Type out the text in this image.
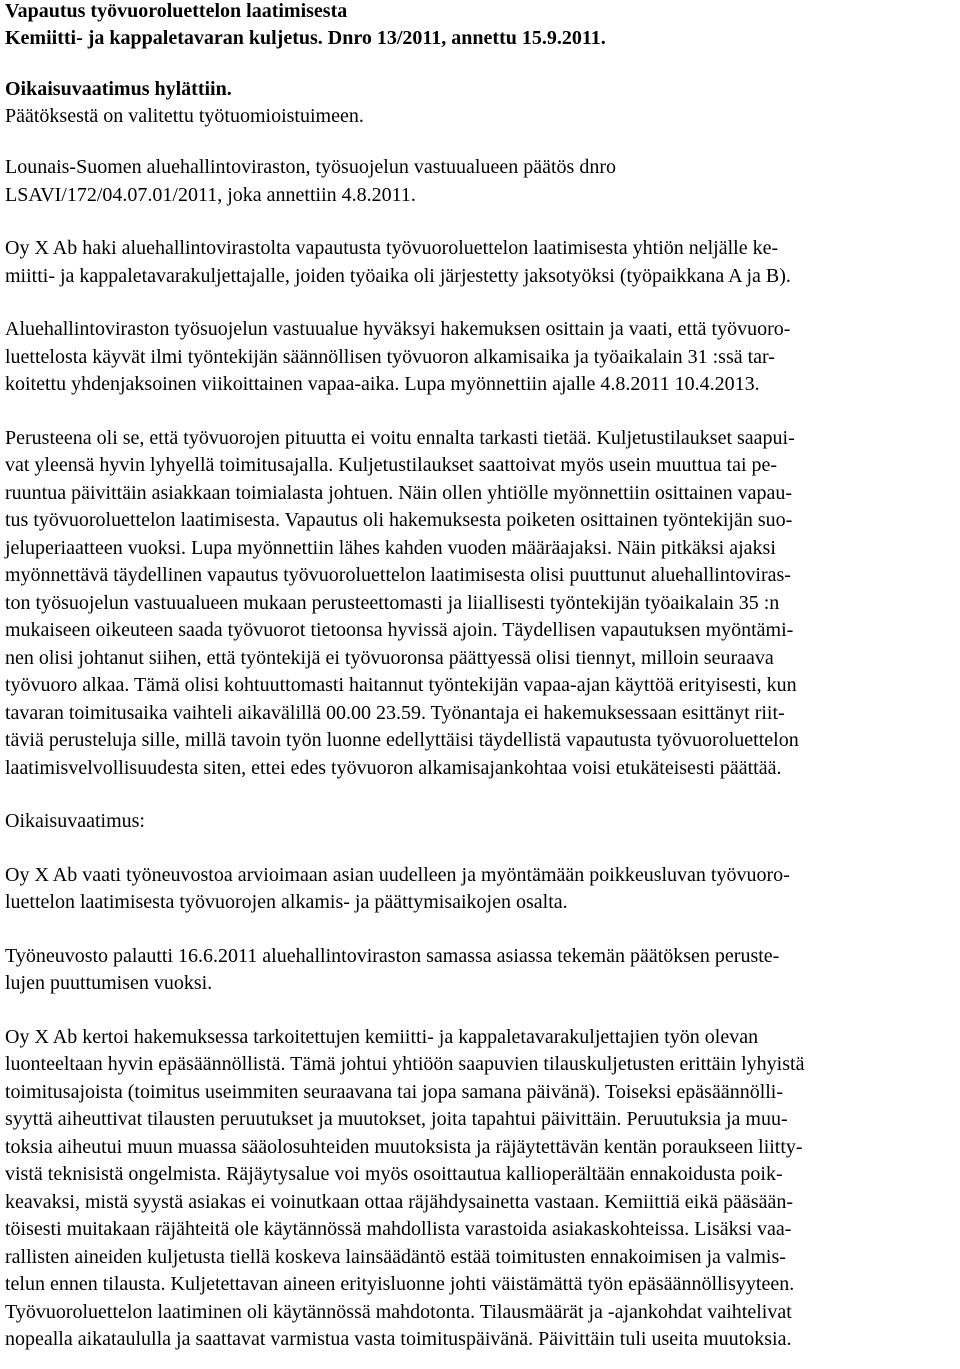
Vapautus työvuoroluettelon laatimisesta
Kemiitti- ja kappaletavaran kuljetus. Dnro 13/2011, annettu 15.9.2011.
Oikaisuvaatimus hylättiin.
Päätöksestä on valitettu työtuomioistuimeen.
Lounais-Suomen aluehallintoviraston, työsuojelun vastuualueen päätös dnro
LSAVI/172/04.07.01/2011, joka annettiin 4.8.2011.
Oy X Ab haki aluehallintovirastolta vapautusta työvuoroluettelon laatimisesta yhtiön neljälle ke-
miitti- ja kappaletavarakuljettajalle, joiden työaika oli järjestetty jaksotyöksi (työpaikkana A ja B).
Aluehallintoviraston työsuojelun vastuualue hyväksyi hakemuksen osittain ja vaati, että työvuoro-
luettelosta käyvät ilmi työntekijän säännöllisen työvuoron alkamisaika ja työaikalain 31 :ssä tar-
koitettu yhdenjaksoinen viikoittainen vapaa-aika. Lupa myönnettiin ajalle 4.8.2011 10.4.2013.
Perusteena oli se, että työvuorojen pituutta ei voitu ennalta tarkasti tietää. Kuljetustilaukset saapui-
vat yleensä hyvin lyhyellä toimitusajalla. Kuljetustilaukset saattoivat myös usein muuttua tai pe-
ruuntua päivittäin asiakkaan toimialasta johtuen. Näin ollen yhtiölle myönnettiin osittainen vapau-
tus työvuoroluettelon laatimisesta. Vapautus oli hakemuksesta poiketen osittainen työntekijän suo-
jeluperiaatteen vuoksi. Lupa myönnettiin lähes kahden vuoden määräajaksi. Näin pitkäksi ajaksi
myönnettävä täydellinen vapautus työvuoroluettelon laatimisesta olisi puuttunut aluehallintoviras-
ton työsuojelun vastuualueen mukaan perusteettomasti ja liiallisesti työntekijän työaikalain 35 :n
mukaiseen oikeuteen saada työvuorot tietoonsa hyvissä ajoin. Täydellisen vapautuksen myöntämi-
nen olisi johtanut siihen, että työntekijä ei työvuoronsa päättyessä olisi tiennyt, milloin seuraava
työvuoro alkaa. Tämä olisi kohtuuttomasti haitannut työntekijän vapaa-ajan käyttöä erityisesti, kun
tavaran toimitusaika vaihteli aikavälillä 00.00 23.59. Työnantaja ei hakemuksessaan esittänyt riit-
täviä perusteluja sille, millä tavoin työn luonne edellyttäisi täydellistä vapautusta työvuoroluettelon
laatimisvelvollisuudesta siten, ettei edes työvuoron alkamisajankohtaa voisi etukäteisesti päättää.
Oikaisuvaatimus:
Oy X Ab vaati työneuvostoa arvioimaan asian uudelleen ja myöntämään poikkeusluvan työvuoro-
luettelon laatimisesta työvuorojen alkamis- ja päättymisaikojen osalta.
Työneuvosto palautti 16.6.2011 aluehallintoviraston samassa asiassa tekemän päätöksen peruste-
lujen puuttumisen vuoksi.
Oy X Ab kertoi hakemuksessa tarkoitettujen kemiitti- ja kappaletavarakuljettajien työn olevan
luonteeltaan hyvin epäsäännöllistä. Tämä johtui yhtiöön saapuvien tilauskuljetusten erittäin lyhyistä
toimitusajoista (toimitus useimmiten seuraavana tai jopa samana päivänä). Toiseksi epäsäännölli-
syyttä aiheuttivat tilausten peruutukset ja muutokset, joita tapahtui päivittäin. Peruutuksia ja muu-
toksia aiheutui muun muassa sääolosuhteiden muutoksista ja räjäytettävän kentän poraukseen liitty-
vistä teknisistä ongelmista. Räjäytysalue voi myös osoittautua kallioperältään ennakoidusta poik-
keavaksi, mistä syystä asiakas ei voinutkaan ottaa räjähdysainetta vastaan. Kemiittiä eikä pääsään-
töisesti muitakaan räjähteitä ole käytännössä mahdollista varastoida asiakaskohteissa. Lisäksi vaa-
rallisten aineiden kuljetusta tiellä koskeva lainsäädäntö estää toimitusten ennakoimisen ja valmis-
telun ennen tilausta. Kuljetettavan aineen erityisluonne johti väistämättä työn epäsäännöllisyyteen.
Työvuoroluettelon laatiminen oli käytännössä mahdotonta. Tilausmäärät ja -ajankohdat vaihtelivat
nopealla aikataululla ja saattavat varmistua vasta toimituspäivänä. Päivittäin tuli useita muutoksia.
